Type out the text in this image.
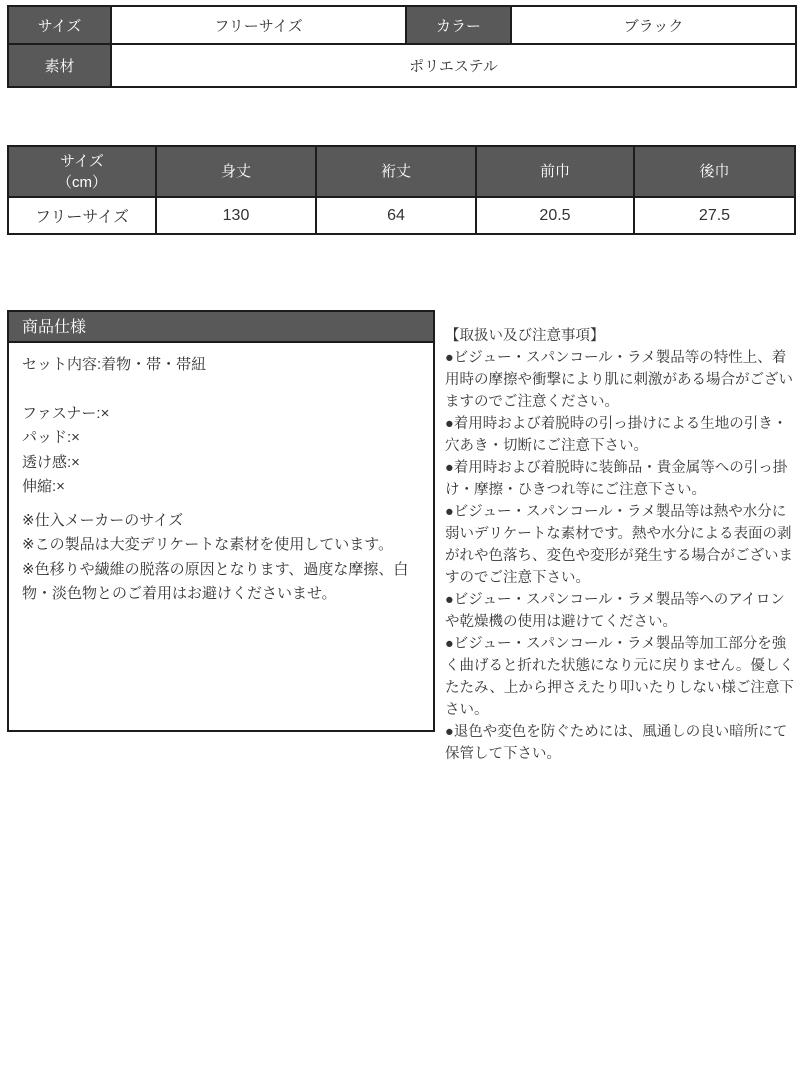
サイズ	フリーサイズ	カラー	ブラック
素材	ポリエステル		
サイズ
（cm）	身丈	裄丈	前巾	後巾
フリーサイズ	130	64	20.5	27.5
商品仕様

セット内容:着物・帯・帯紐

ファスナー:×

パッド:×

透け感:×

伸縮:×

※仕入メーカーのサイズ

※この製品は大変デリケートな素材を使用しています。

※色移りや繊維の脱落の原因となります、過度な摩擦、白物・淡色物とのご着用はお避けくださいませ。

【取扱い及び注意事項】

●ビジュー・スパンコール・ラメ製品等の特性上、着用時の摩擦や衝撃により肌に刺激がある場合がございますのでご注意ください。

●着用時および着脱時の引っ掛けによる生地の引き・穴あき・切断にご注意下さい。

●着用時および着脱時に装飾品・貴金属等への引っ掛け・摩擦・ひきつれ等にご注意下さい。

●ビジュー・スパンコール・ラメ製品等は熱や水分に弱いデリケートな素材です。熱や水分による表面の剥がれや色落ち、変色や変形が発生する場合がございますのでご注意下さい。

●ビジュー・スパンコール・ラメ製品等へのアイロンや乾燥機の使用は避けてください。

●ビジュー・スパンコール・ラメ製品等加工部分を強く曲げると折れた状態になり元に戻りません。優しくたたみ、上から押さえたり叩いたりしない様ご注意下さい。

●退色や変色を防ぐためには、風通しの良い暗所にて保管して下さい。
